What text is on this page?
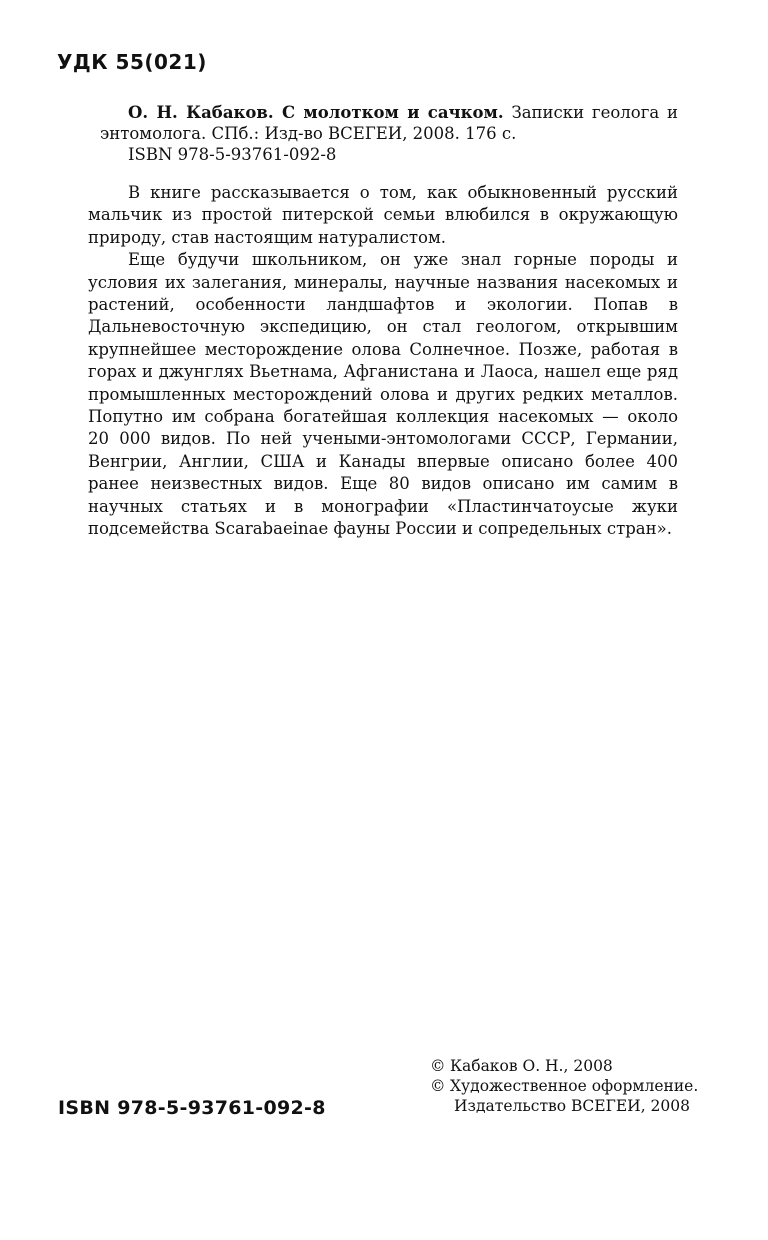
УДК 55(021)

О. Н. Кабаков. С молотком и сачком. Записки геолога и энтомолога. СПб.: Изд-во ВСЕГЕИ, 2008. 176 с.

ISBN 978-5-93761-092-8

В книге рассказывается о том, как обыкновенный русский мальчик из простой питерской семьи влюбился в окружающую природу, став настоящим натуралистом.

Еще будучи школьником, он уже знал горные породы и условия их залегания, минералы, научные названия насекомых и растений, особенности ландшафтов и экологии. Попав в Дальневосточную экспедицию, он стал геологом, открывшим крупнейшее месторождение олова Солнечное. Позже, работая в горах и джунглях Вьетнама, Афганистана и Лаоса, нашел еще ряд промышленных месторождений олова и других редких металлов. Попутно им собрана богатейшая коллекция насекомых — около 20 000 видов. По ней учеными-энтомологами СССР, Германии, Венгрии, Англии, США и Канады впервые описано более 400 ранее неизвестных видов. Еще 80 видов описано им самим в научных статьях и в монографии «Пластинчатоусые жуки подсемейства Scarabaeinae фауны России и сопредельных стран».

© Кабаков О. Н., 2008
© Художественное оформление.
Издательство ВСЕГЕИ, 2008
ISBN 978-5-93761-092-8
